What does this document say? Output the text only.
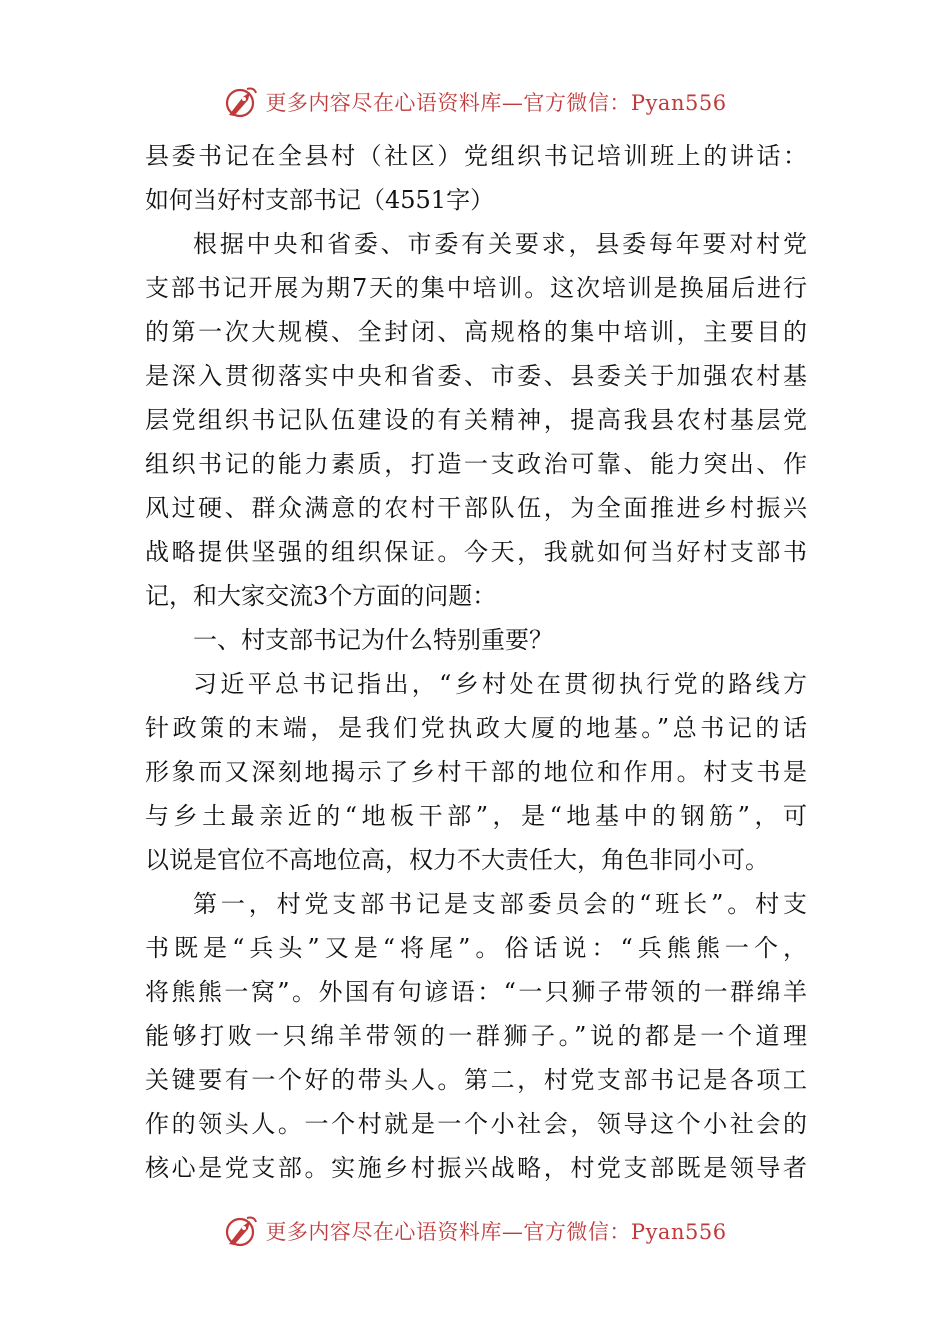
更多内容尽在心语资料库—官方微信：Pyan556
县委书记在全县村（社区）党组织书记培训班上的讲话：
如何当好村支部书记（4551字）
根据中央和省委、市委有关要求，县委每年要对村党
支部书记开展为期7天的集中培训。这次培训是换届后进行
的第一次大规模、全封闭、高规格的集中培训，主要目的
是深入贯彻落实中央和省委、市委、县委关于加强农村基
层党组织书记队伍建设的有关精神，提高我县农村基层党
组织书记的能力素质，打造一支政治可靠、能力突出、作
风过硬、群众满意的农村干部队伍，为全面推进乡村振兴
战略提供坚强的组织保证。今天，我就如何当好村支部书
记，和大家交流3个方面的问题：
一、村支部书记为什么特别重要？
习近平总书记指出，“乡村处在贯彻执行党的路线方
针政策的末端，是我们党执政大厦的地基。”总书记的话
形象而又深刻地揭示了乡村干部的地位和作用。村支书是
与乡土最亲近的“地板干部”，是“地基中的钢筋”，可
以说是官位不高地位高，权力不大责任大，角色非同小可。
第一，村党支部书记是支部委员会的“班长”。村支
书既是“兵头”又是“将尾”。俗话说：“兵熊熊一个，
将熊熊一窝”。外国有句谚语：“一只狮子带领的一群绵羊
能够打败一只绵羊带领的一群狮子。”说的都是一个道理
关键要有一个好的带头人。第二，村党支部书记是各项工
作的领头人。一个村就是一个小社会，领导这个小社会的
核心是党支部。实施乡村振兴战略，村党支部既是领导者
更多内容尽在心语资料库—官方微信：Pyan556
